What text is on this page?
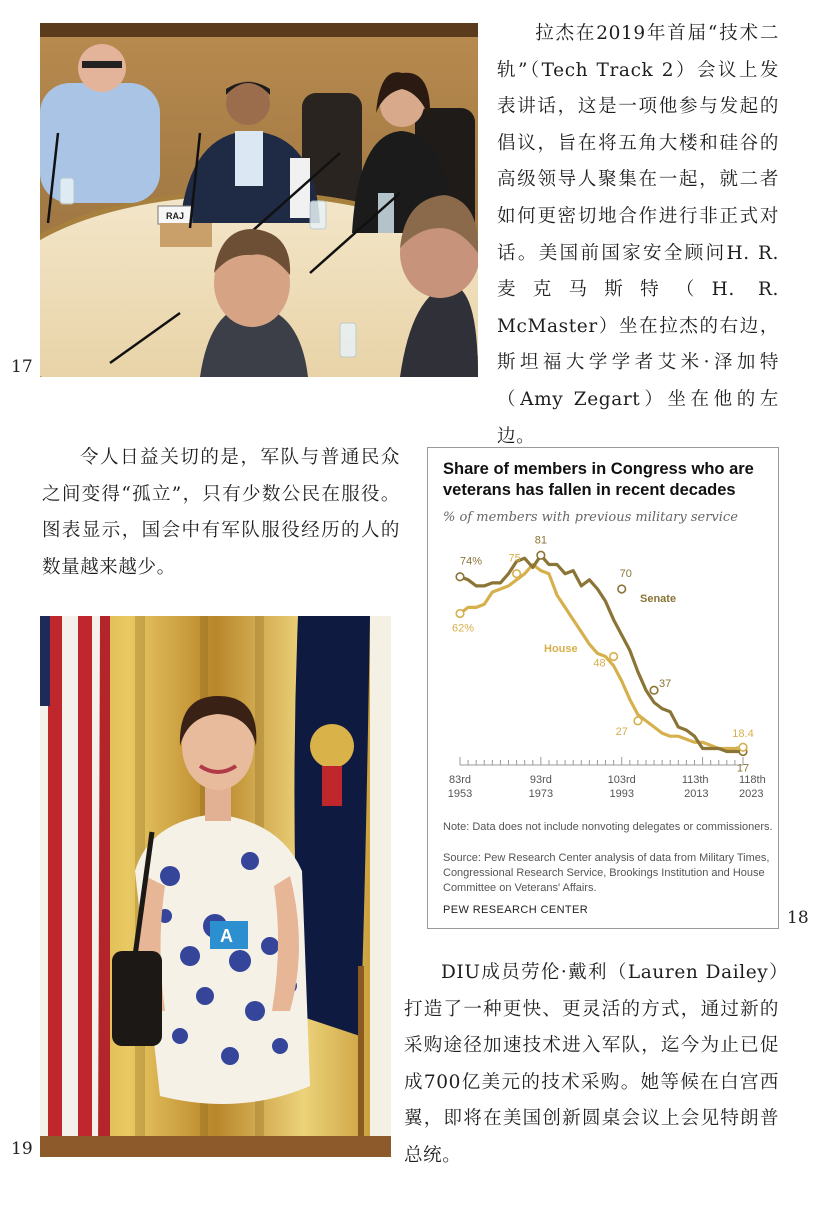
RAJ
17
拉杰在2019年首届“技术二轨”（Tech Track 2）会议上发表讲话，这是一项他参与发起的倡议，旨在将五角大楼和硅谷的高级领导人聚集在一起，就二者如何更密切地合作进行非正式对话。美国前国家安全顾问H. R. 麦克马斯特（H. R. McMaster）坐在拉杰的右边，斯坦福大学学者艾米·泽加特（Amy Zegart）坐在他的左边。
令人日益关切的是，军队与普通民众之间变得“孤立”，只有少数公民在服役。图表显示，国会中有军队服役经历的人的数量越来越少。
Share of members in Congress who are veterans has fallen in recent decades
% of members with previous military service
83rd
1953
93rd
1973
103rd
1993
113th
2013
118th
2023
74%
81
70
37
17
62%
75
48
27	18.4
Senate
House
Note: Data does not include nonvoting delegates or commissioners.
Source: Pew Research Center analysis of data from Military Times, Congressional Research Service, Brookings Institution and House Committee on Veterans' Affairs.
PEW RESEARCH CENTER	18
A
19
DIU成员劳伦·戴利（Lauren Dailey）打造了一种更快、更灵活的方式，通过新的采购途径加速技术进入军队，迄今为止已促成700亿美元的技术采购。她等候在白宫西翼，即将在美国创新圆桌会议上会见特朗普总统。
